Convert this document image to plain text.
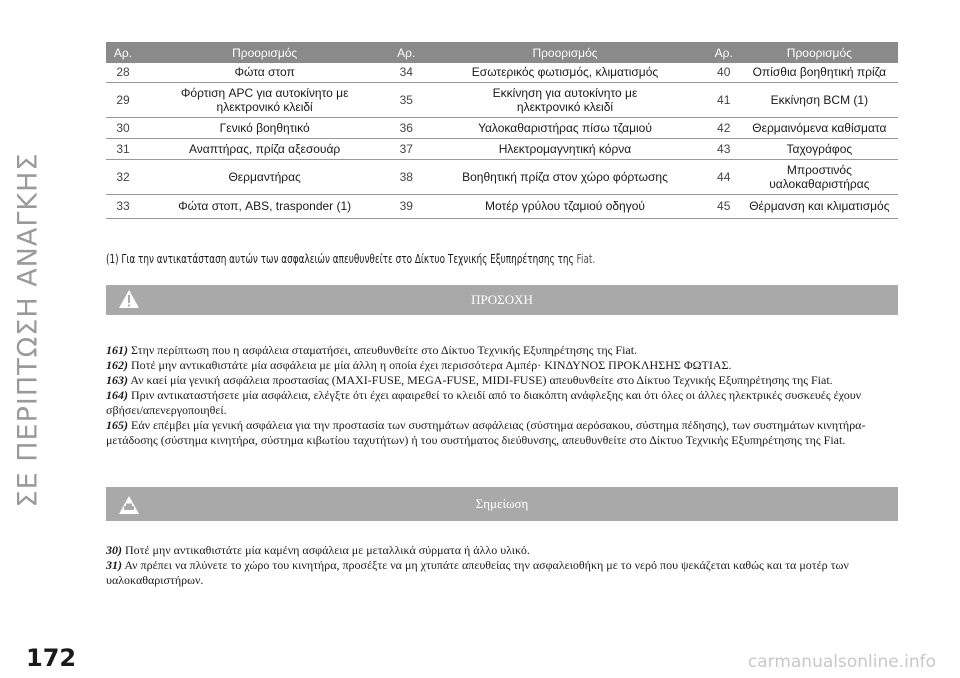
ΣΕ ΠΕΡΙΠΤΩΣΗ ΑΝΑΓΚΗΣ
Αρ.	Προορισμός	Αρ.	Προορισμός	Αρ.	Προορισμός
28	Φώτα στοπ	34	Εσωτερικός φωτισμός, κλιματισμός	40	Οπίσθια βοηθητική πρίζα
29	Φόρτιση APC για αυτοκίνητο με ηλεκτρονικό κλειδί	35	Εκκίνηση για αυτοκίνητο με ηλεκτρονικό κλειδί	41	Εκκίνηση BCM (1)
30	Γενικό βοηθητικό	36	Υαλοκαθαριστήρας πίσω τζαμιού	42	Θερμαινόμενα καθίσματα
31	Αναπτήρας, πρίζα αξεσουάρ	37	Ηλεκτρομαγνητική κόρνα	43	Ταχογράφος
32	Θερμαντήρας	38	Βοηθητική πρίζα στον χώρο φόρτωσης	44	Μπροστινός υαλοκαθαριστήρας
33	Φώτα στοπ, ABS, trasponder (1)	39	Μοτέρ γρύλου τζαμιού οδηγού	45	Θέρμανση και κλιματισμός
(1) Για την αντικατάσταση αυτών των ασφαλειών απευθυνθείτε στο Δίκτυο Τεχνικής Εξυπηρέτησης της Fiat.
ΠΡΟΣΟΧΗ

161) Στην περίπτωση που η ασφάλεια σταματήσει, απευθυνθείτε στο Δίκτυο Τεχνικής Εξυπηρέτησης της Fiat.

162) Ποτέ μην αντικαθιστάτε μία ασφάλεια με μία άλλη η οποία έχει περισσότερα Αμπέρ· ΚΙΝΔΥΝΟΣ ΠΡΟΚΛΗΣΗΣ ΦΩΤΙΑΣ.

163) Αν καεί μία γενική ασφάλεια προστασίας (MAXI-FUSE, MEGA-FUSE, MIDI-FUSE) απευθυνθείτε στο Δίκτυο Τεχνικής Εξυπηρέτησης της Fiat.

164) Πριν αντικαταστήσετε μία ασφάλεια, ελέγξτε ότι έχει αφαιρεθεί το κλειδί από το διακόπτη ανάφλεξης και ότι όλες οι άλλες ηλεκτρικές συσκευές έχουν σβήσει/απενεργοποιηθεί.

165) Εάν επέμβει μία γενική ασφάλεια για την προστασία των συστημάτων ασφάλειας (σύστημα αερόσακου, σύστημα πέδησης), των συστημάτων κινητήρα-μετάδοσης (σύστημα κινητήρα, σύστημα κιβωτίου ταχυτήτων) ή του συστήματος διεύθυνσης, απευθυνθείτε στο Δίκτυο Τεχνικής Εξυπηρέτησης της Fiat.

Σημείωση

30) Ποτέ μην αντικαθιστάτε μία καμένη ασφάλεια με μεταλλικά σύρματα ή άλλο υλικό.

31) Αν πρέπει να πλύνετε το χώρο του κινητήρα, προσέξτε να μη χτυπάτε απευθείας την ασφαλειοθήκη με το νερό που ψεκάζεται καθώς και τα μοτέρ των υαλοκαθαριστήρων.

172	carmanualsonline.info
